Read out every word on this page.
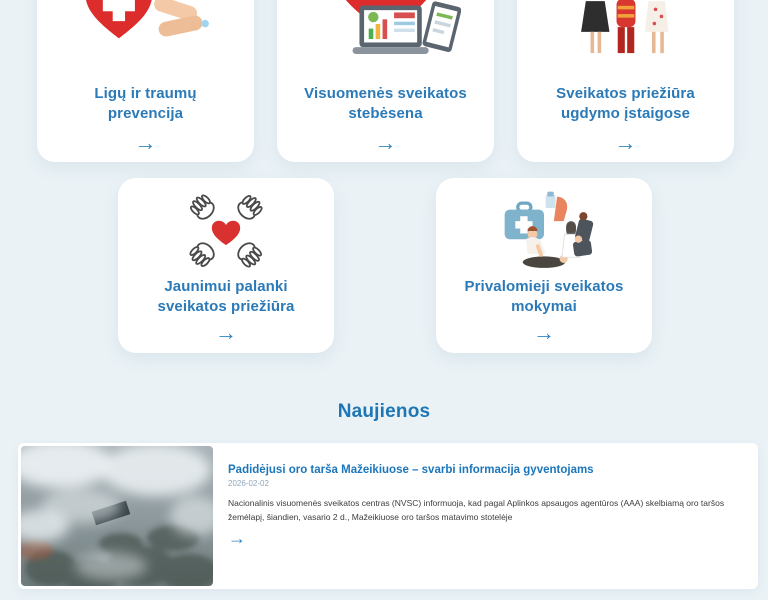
Ligų ir traumų prevencija
→
Visuomenės sveikatos stebėsena
→
Sveikatos priežiūra ugdymo įstaigose
→
Jaunimui palanki sveikatos priežiūra
→
Privalomieji sveikatos mokymai
→
Naujienos
Padidėjusi oro tarša Mažeikiuose – svarbi informacija gyventojams
2026-02-02
Nacionalinis visuomenės sveikatos centras (NVSC) informuoja, kad pagal Aplinkos apsaugos agentūros (AAA) skelbiamą oro taršos žemėlapį, šiandien, vasario 2 d., Mažeikiuose oro taršos matavimo stotelėje
→
